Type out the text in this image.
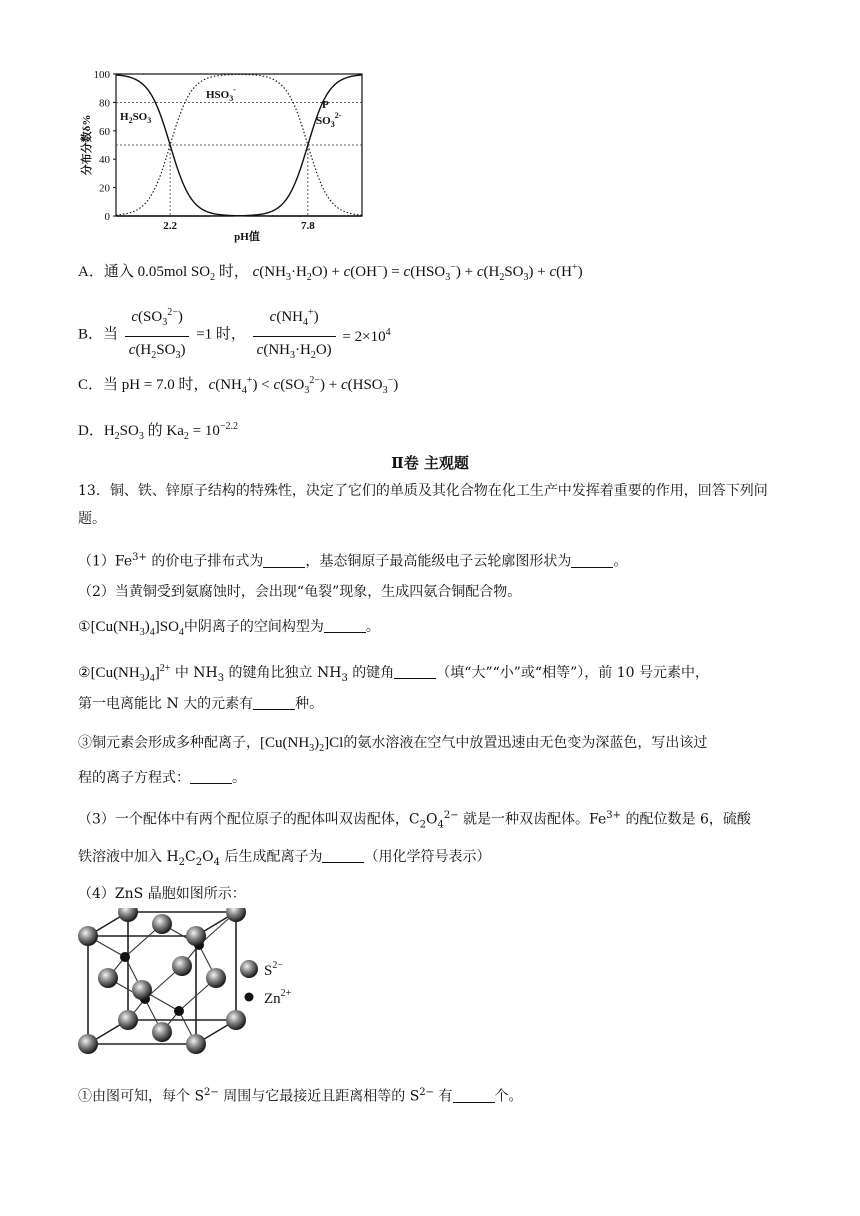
100
80
60
40
20
0
2.2	7.8
pH值
分布分数δ% $H_2SO_3$
$HSO_3^-$
$SO_3^{2-}$
P
A．通入 0.05mol $SO_2$ 时， $c(NH_3\cdot H_2O) + c(OH^-) = c(HSO_3^-) + c(H_2SO_3) + c(H^+)$
B．当 $\frac{c(SO_3^{2-})}{c(H_2SO_3)} =1$ 时， $\frac{c(NH_4^+)}{c(NH_3\cdot H_2O)} = 2\times 10^4$
C．当 pH = 7.0 时，$c(NH_4^+) < c(SO_3^{2-}) + c(HSO_3^-)$
D．$H_2SO_3$ 的 $Ka_2 = 10^{-2.2}$
Ⅱ卷 主观题
13．铜、铁、锌原子结构的特殊性，决定了它们的单质及其化合物在化工生产中发挥着重要的作用，回答下列问题。
$(1)Fe^{3+}$ 的价电子排布式为	，基态铜原子最高能级电子云轮廓图形状为	。
（2）当黄铜受到氨腐蚀时，会出现“龟裂”现象，生成四氨合铜配合物。
$①[Cu(NH_3)_4]SO_4$中阴离子的空间构型为	。
$②[Cu(NH_3)_4]^{2+}$ 中 $NH_3$ 的键角比独立 $NH_3$ 的键角	（填“大”“小”或“相等”），前 10 号元素中，
第一电离能比 N 大的元素有	种。
③铜元素会形成多种配离子，$[Cu(NH_3)_2]Cl$的氨水溶液在空气中放置迅速由无色变为深蓝色，写出该过
程的离子方程式：	。
（3）一个配体中有两个配位原子的配体叫双齿配体，$C_2O_4^{2-}$ 就是一种双齿配体。$Fe^{3+}$ 的配位数是 6，硫酸
铁溶液中加入 $H_2C_2O_4$ 后生成配离子为	（用化学符号表示）
（4）ZnS 晶胞如图所示：
$S^{2-}$
$Zn^{2+}$
①由图可知，每个 $S^{2-}$ 周围与它最接近且距离相等的 $S^{2-}$ 有	个。
